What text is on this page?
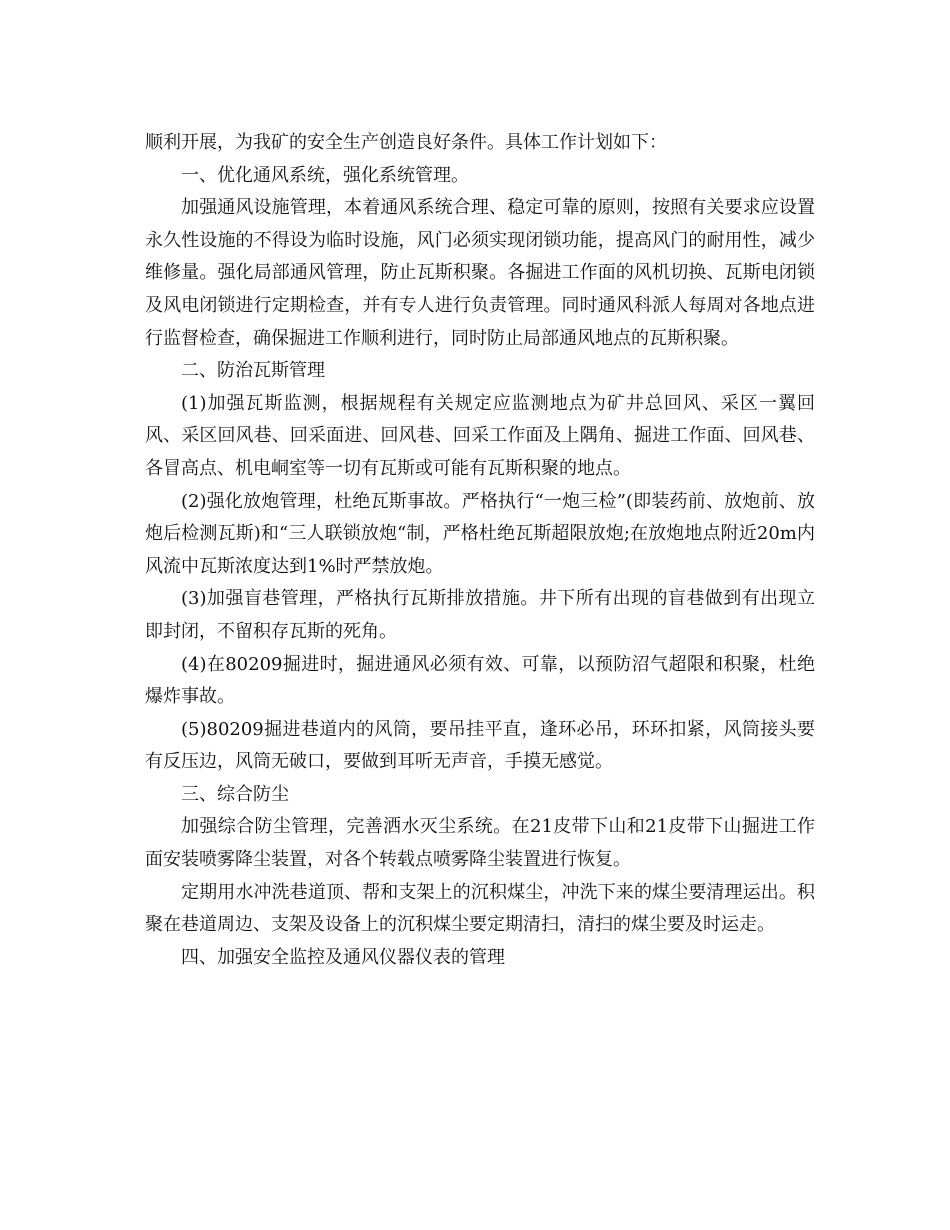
顺利开展，为我矿的安全生产创造良好条件。具体工作计划如下：

一、优化通风系统，强化系统管理。

加强通风设施管理，本着通风系统合理、稳定可靠的原则，按照有关要求应设置永久性设施的不得设为临时设施，风门必须实现闭锁功能，提高风门的耐用性，减少维修量。强化局部通风管理，防止瓦斯积聚。各掘进工作面的风机切换、瓦斯电闭锁及风电闭锁进行定期检查，并有专人进行负责管理。同时通风科派人每周对各地点进行监督检查，确保掘进工作顺利进行，同时防止局部通风地点的瓦斯积聚。

二、防治瓦斯管理

(1)加强瓦斯监测，根据规程有关规定应监测地点为矿井总回风、采区一翼回风、采区回风巷、回采面进、回风巷、回采工作面及上隅角、掘进工作面、回风巷、各冒高点、机电峒室等一切有瓦斯或可能有瓦斯积聚的地点。

(2)强化放炮管理，杜绝瓦斯事故。严格执行“一炮三检”(即装药前、放炮前、放炮后检测瓦斯)和“三人联锁放炮“制，严格杜绝瓦斯超限放炮;在放炮地点附近20m内风流中瓦斯浓度达到1%时严禁放炮。

(3)加强盲巷管理，严格执行瓦斯排放措施。井下所有出现的盲巷做到有出现立即封闭，不留积存瓦斯的死角。

(4)在80209掘进时，掘进通风必须有效、可靠，以预防沼气超限和积聚，杜绝爆炸事故。

(5)80209掘进巷道内的风筒，要吊挂平直，逢环必吊，环环扣紧，风筒接头要有反压边，风筒无破口，要做到耳听无声音，手摸无感觉。

三、综合防尘

加强综合防尘管理，完善洒水灭尘系统。在21皮带下山和21皮带下山掘进工作面安装喷雾降尘装置，对各个转载点喷雾降尘装置进行恢复。

定期用水冲洗巷道顶、帮和支架上的沉积煤尘，冲洗下来的煤尘要清理运出。积聚在巷道周边、支架及设备上的沉积煤尘要定期清扫，清扫的煤尘要及时运走。

四、加强安全监控及通风仪器仪表的管理
